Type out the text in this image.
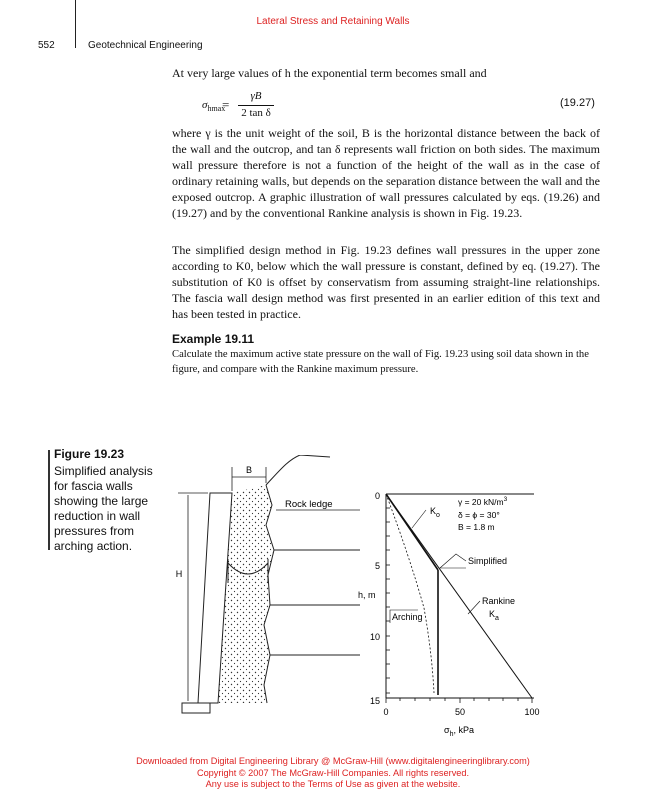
Lateral Stress and Retaining Walls
552	Geotechnical Engineering
At very large values of h the exponential term becomes small and
$\sigma_{hmax}$
=
γB
2 tan δ
(19.27)
where γ is the unit weight of the soil, B is the horizontal distance between the back of the wall and the outcrop, and tan δ represents wall friction on both sides. The maximum wall pressure therefore is not a function of the height of the wall as in the case of ordinary retaining walls, but depends on the separation distance between the wall and the exposed outcrop. A graphic illustration of wall pressures calculated by eqs. (19.26) and (19.27) and by the conventional Rankine analysis is shown in Fig. 19.23.
The simplified design method in Fig. 19.23 defines wall pressures in the upper zone according to K0, below which the wall pressure is constant, defined by eq. (19.27). The substitution of K0 is offset by conservatism from assuming straight-line relationships. The fascia wall design method was first presented in an earlier edition of this text and has been tested in practice.
Example 19.11
Calculate the maximum active state pressure on the wall of Fig. 19.23 using soil data shown in the figure, and compare with the Rankine maximum pressure.
Figure 19.23
Simplified analysis for fascia walls showing the large reduction in wall pressures from arching action.
B
H
Rock ledge
0
5
10
15
h, m
0	50	100
$\sigma_h$, kPa
γ = 20 $kN/m^3$
δ = ϕ = 30°
B = 1.8 m
$K_o$
Simplified
Rankine
$K_a$
Arching
Downloaded from Digital Engineering Library @ McGraw-Hill (www.digitalengineeringlibrary.com)
Copyright © 2007 The McGraw-Hill Companies. All rights reserved.
Any use is subject to the Terms of Use as given at the website.
